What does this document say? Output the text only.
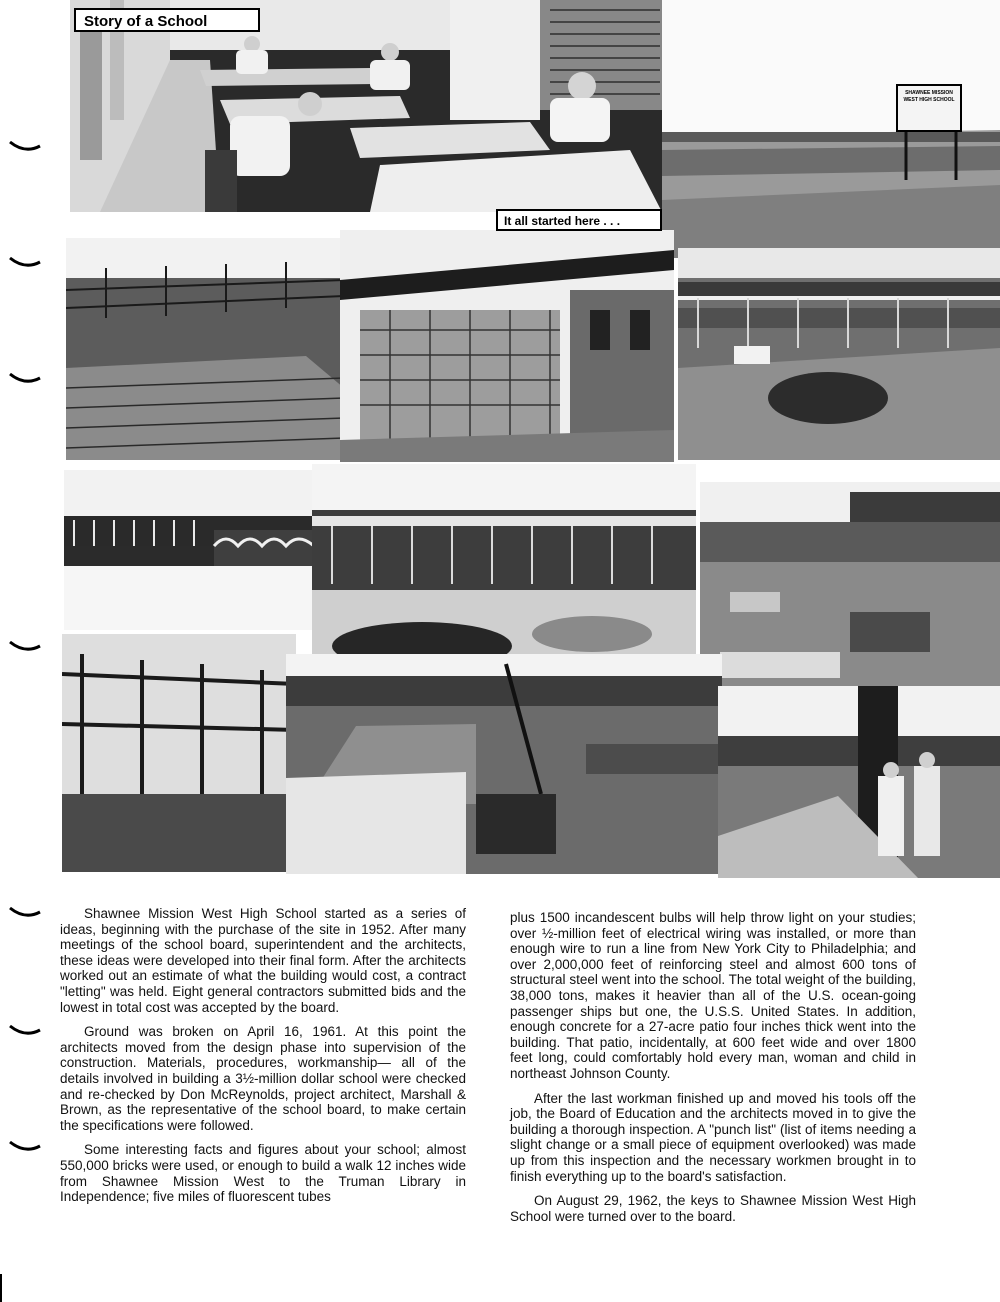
SHAWNEE MISSION WEST HIGH SCHOOL
Story of a School
It all started here . . .

Shawnee Mission West High School started as a series of ideas, beginning with the purchase of the site in 1952. After many meetings of the school board, superintendent and the architects, these ideas were developed into their final form. After the architects worked out an estimate of what the building would cost, a contract "letting" was held. Eight general contractors submitted bids and the lowest in total cost was accepted by the board.

Ground was broken on April 16, 1961. At this point the architects moved from the design phase into supervision of the construction. Materials, procedures, workmanship— all of the details involved in building a 3½-million dollar school were checked and re-checked by Don McReynolds, project architect, Marshall & Brown, as the representative of the school board, to make certain the specifications were followed.

Some interesting facts and figures about your school; almost 550,000 bricks were used, or enough to build a walk 12 inches wide from Shawnee Mission West to the Truman Library in Independence; five miles of fluorescent tubes

plus 1500 incandescent bulbs will help throw light on your studies; over ½-million feet of electrical wiring was installed, or more than enough wire to run a line from New York City to Philadelphia; and over 2,000,000 feet of reinforcing steel and almost 600 tons of structural steel went into the school. The total weight of the building, 38,000 tons, makes it heavier than all of the U.S. ocean-going passenger ships but one, the U.S.S. United States. In addition, enough concrete for a 27-acre patio four inches thick went into the building. That patio, incidentally, at 600 feet wide and over 1800 feet long, could comfortably hold every man, woman and child in northeast Johnson County.

After the last workman finished up and moved his tools off the job, the Board of Education and the architects moved in to give the building a thorough inspection. A "punch list" (list of items needing a slight change or a small piece of equipment overlooked) was made up from this inspection and the necessary workmen brought in to finish everything up to the board's satisfaction.

On August 29, 1962, the keys to Shawnee Mission West High School were turned over to the board.
